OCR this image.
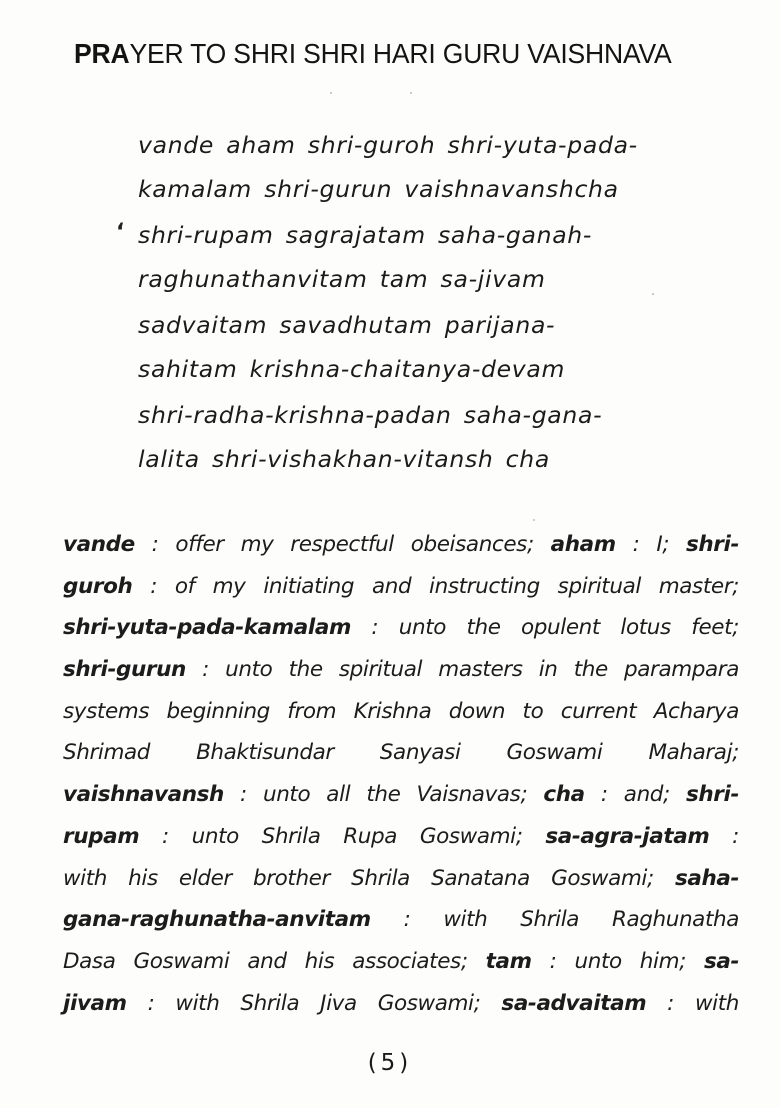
PRAYER TO SHRI SHRI HARI GURU VAISHNAVA
ʻ
vande aham shri-guroh shri-yuta-pada-
kamalam shri-gurun vaishnavanshcha
shri-rupam sagrajatam saha-ganah-
raghunathanvitam tam sa-jivam
sadvaitam savadhutam parijana-
sahitam krishna-chaitanya-devam
shri-radha-krishna-padan saha-gana-
lalita shri-vishakhan-vitansh cha
vande : offer my respectful obeisances; aham : I; shri-
guroh : of my initiating and instructing spiritual master;
shri-yuta-pada-kamalam : unto the opulent lotus feet;
shri-gurun : unto the spiritual masters in the parampara
systems beginning from Krishna down to current Acharya
Shrimad Bhaktisundar Sanyasi Goswami Maharaj;
vaishnavansh : unto all the Vaisnavas; cha : and; shri-
rupam : unto Shrila Rupa Goswami; sa-agra-jatam :
with his elder brother Shrila Sanatana Goswami; saha-
gana-raghunatha-anvitam : with Shrila Raghunatha
Dasa Goswami and his associates; tam : unto him; sa-
jivam : with Shrila Jiva Goswami; sa-advaitam : with
(5)
